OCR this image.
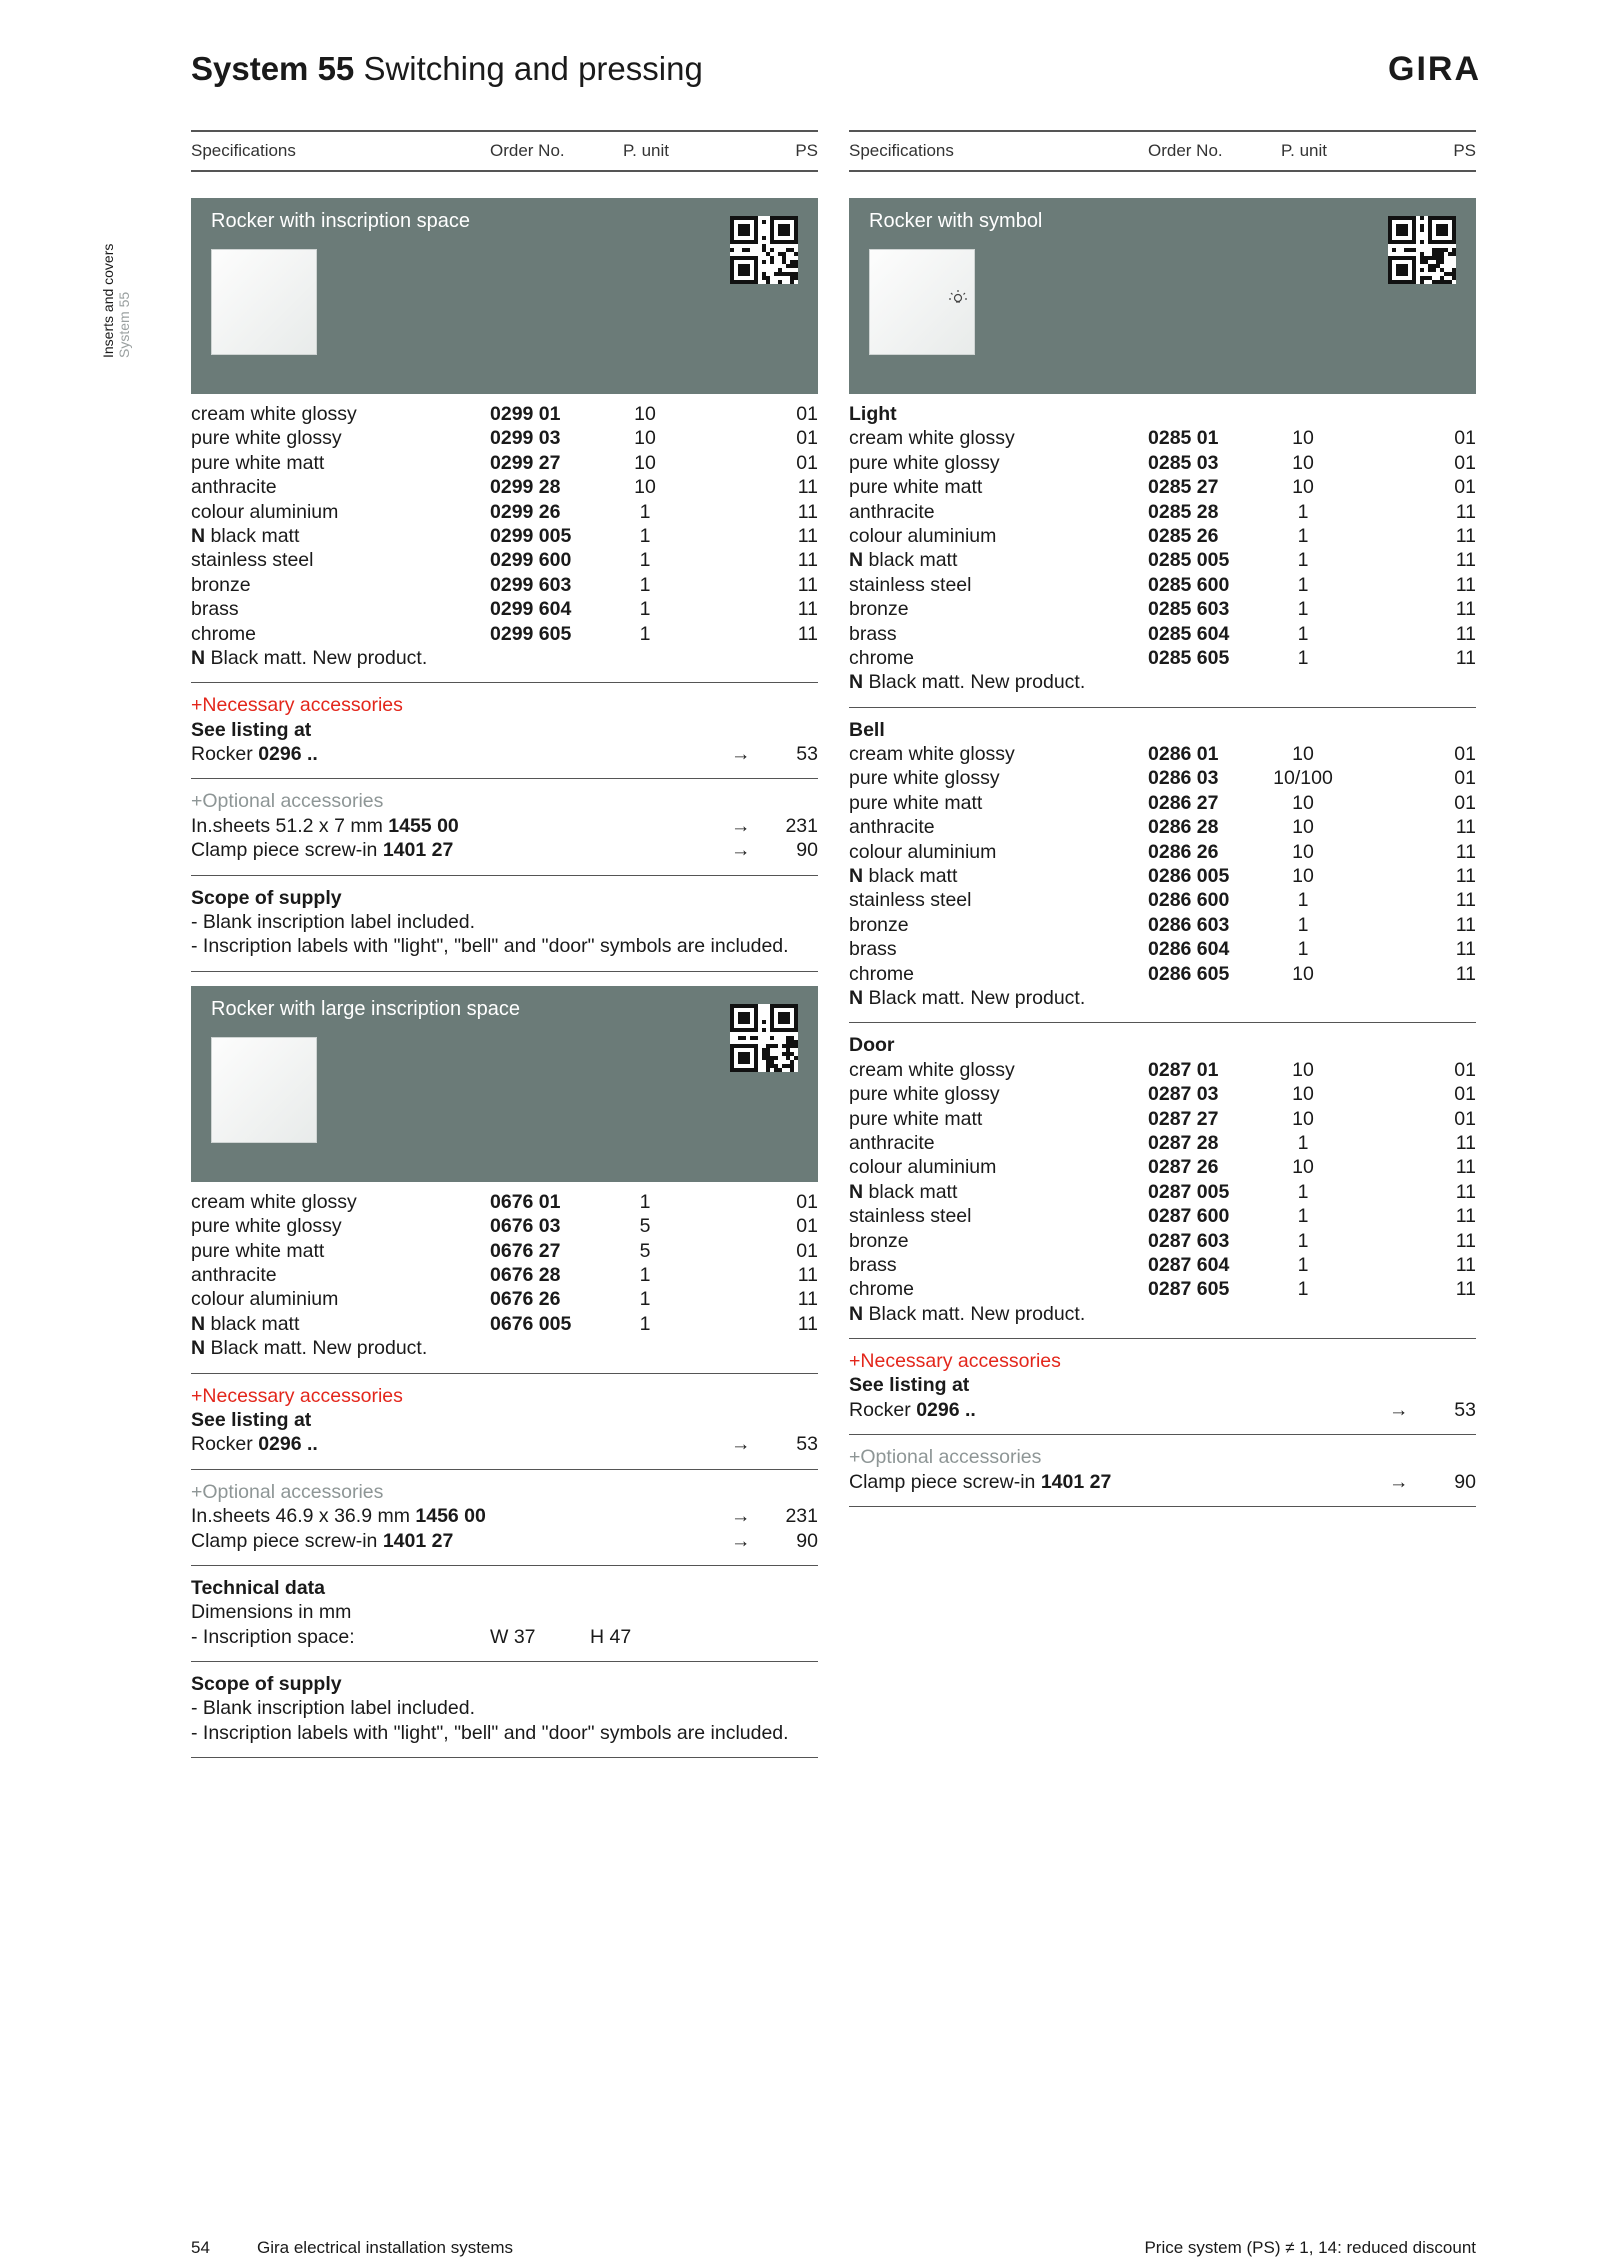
System 55 Switching and pressing	GIRA
Inserts and covers System 55
Specifications	Order No.	P. unit	PS
Rocker with inscription space
cream white glossy	0299 01	10	01
pure white glossy	0299 03	10	01
pure white matt	0299 27	10	01
anthracite	0299 28	10	11
colour aluminium	0299 26	1	11
N black matt	0299 005	1	11
stainless steel	0299 600	1	11
bronze	0299 603	1	11
brass	0299 604	1	11
chrome	0299 605	1	11
N Black matt. New product.
+Necessary accessories
See listing at
Rocker 0296 ..	→ 53
+Optional accessories
In.sheets 51.2 x 7 mm 1455 00	→ 231
Clamp piece screw-in 1401 27	→ 90
Scope of supply
- Blank inscription label included.
- Inscription labels with "light", "bell" and "door" symbols are included.
Rocker with large inscription space
cream white glossy	0676 01	1	01
pure white glossy	0676 03	5	01
pure white matt	0676 27	5	01
anthracite	0676 28	1	11
colour aluminium	0676 26	1	11
N black matt	0676 005	1	11
N Black matt. New product.
+Necessary accessories
See listing at
Rocker 0296 ..	→ 53
+Optional accessories
In.sheets 46.9 x 36.9 mm 1456 00	→ 231
Clamp piece screw-in 1401 27	→ 90
Technical data
Dimensions in mm
- Inscription space:	W 37	H 47
Scope of supply
- Blank inscription label included.
- Inscription labels with "light", "bell" and "door" symbols are included.
Specifications	Order No.	P. unit	PS
Rocker with symbol
Light
cream white glossy	0285 01	10	01
pure white glossy	0285 03	10	01
pure white matt	0285 27	10	01
anthracite	0285 28	1	11
colour aluminium	0285 26	1	11
N black matt	0285 005	1	11
stainless steel	0285 600	1	11
bronze	0285 603	1	11
brass	0285 604	1	11
chrome	0285 605	1	11
N Black matt. New product.
Bell
cream white glossy	0286 01	10	01
pure white glossy	0286 03	10/100	01
pure white matt	0286 27	10	01
anthracite	0286 28	10	11
colour aluminium	0286 26	10	11
N black matt	0286 005	10	11
stainless steel	0286 600	1	11
bronze	0286 603	1	11
brass	0286 604	1	11
chrome	0286 605	10	11
N Black matt. New product.
Door
cream white glossy	0287 01	10	01
pure white glossy	0287 03	10	01
pure white matt	0287 27	10	01
anthracite	0287 28	1	11
colour aluminium	0287 26	10	11
N black matt	0287 005	1	11
stainless steel	0287 600	1	11
bronze	0287 603	1	11
brass	0287 604	1	11
chrome	0287 605	1	11
N Black matt. New product.
+Necessary accessories
See listing at
Rocker 0296 ..	→ 53
+Optional accessories
Clamp piece screw-in 1401 27	→ 90
54	Gira electrical installation systems	Price system (PS) ≠ 1, 14: reduced discount
